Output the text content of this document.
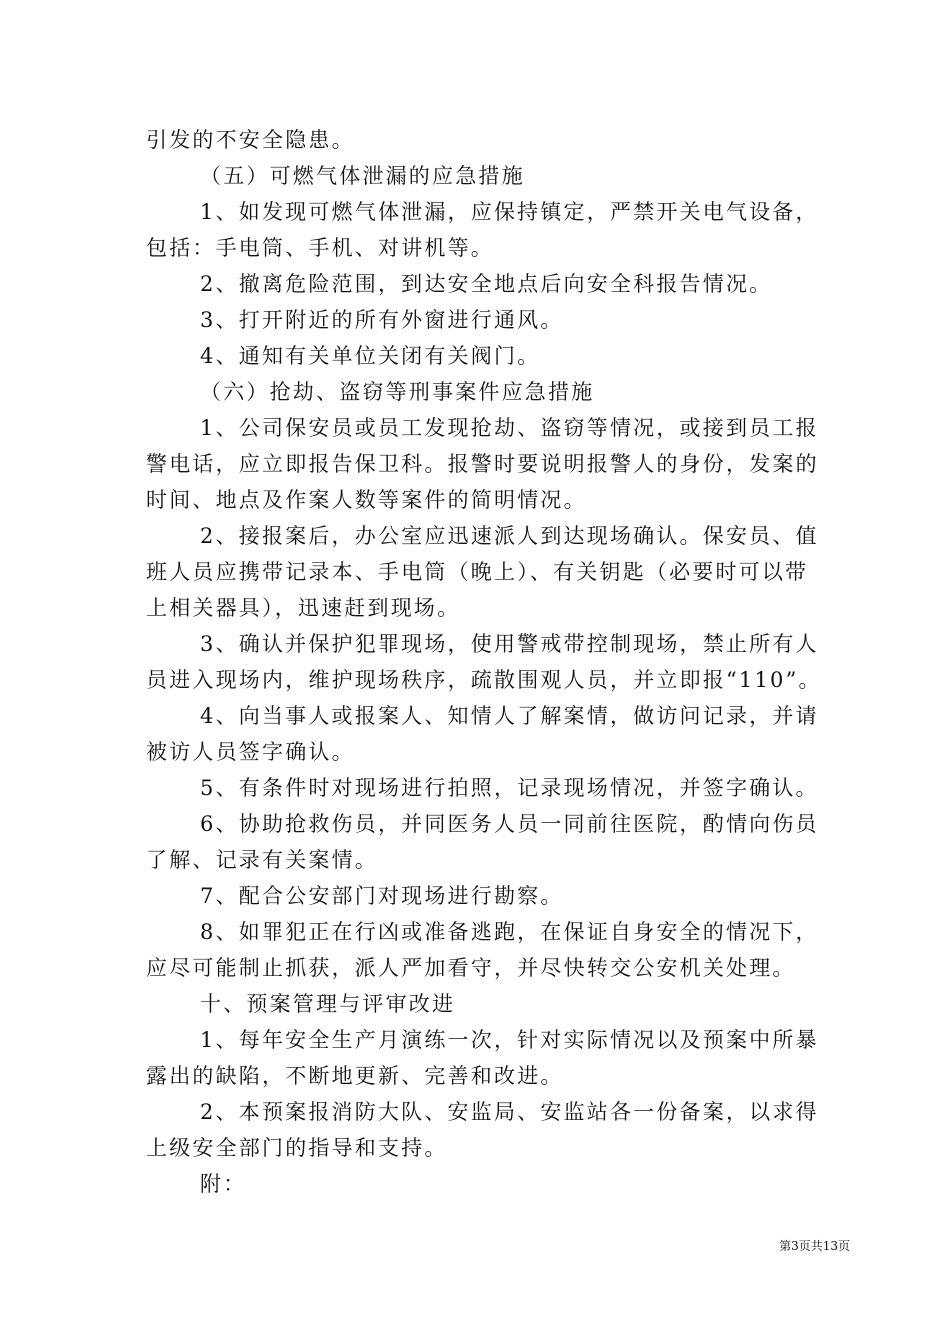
引发的不安全隐患。
（五）可燃气体泄漏的应急措施
1、如发现可燃气体泄漏，应保持镇定，严禁开关电气设备，
包括：手电筒、手机、对讲机等。
2、撤离危险范围，到达安全地点后向安全科报告情况。
3、打开附近的所有外窗进行通风。
4、通知有关单位关闭有关阀门。
（六）抢劫、盗窃等刑事案件应急措施
1、公司保安员或员工发现抢劫、盗窃等情况，或接到员工报
警电话，应立即报告保卫科。报警时要说明报警人的身份，发案的
时间、地点及作案人数等案件的简明情况。
2、接报案后，办公室应迅速派人到达现场确认。保安员、值
班人员应携带记录本、手电筒（晚上）、有关钥匙（必要时可以带
上相关器具），迅速赶到现场。
3、确认并保护犯罪现场，使用警戒带控制现场，禁止所有人
员进入现场内，维护现场秩序，疏散围观人员，并立即报“110”。
4、向当事人或报案人、知情人了解案情，做访问记录，并请
被访人员签字确认。
5、有条件时对现场进行拍照，记录现场情况，并签字确认。
6、协助抢救伤员，并同医务人员一同前往医院，酌情向伤员
了解、记录有关案情。
7、配合公安部门对现场进行勘察。
8、如罪犯正在行凶或准备逃跑，在保证自身安全的情况下，
应尽可能制止抓获，派人严加看守，并尽快转交公安机关处理。
十、预案管理与评审改进
1、每年安全生产月演练一次，针对实际情况以及预案中所暴
露出的缺陷，不断地更新、完善和改进。
2、本预案报消防大队、安监局、安监站各一份备案，以求得
上级安全部门的指导和支持。
附：
第3页共13页
